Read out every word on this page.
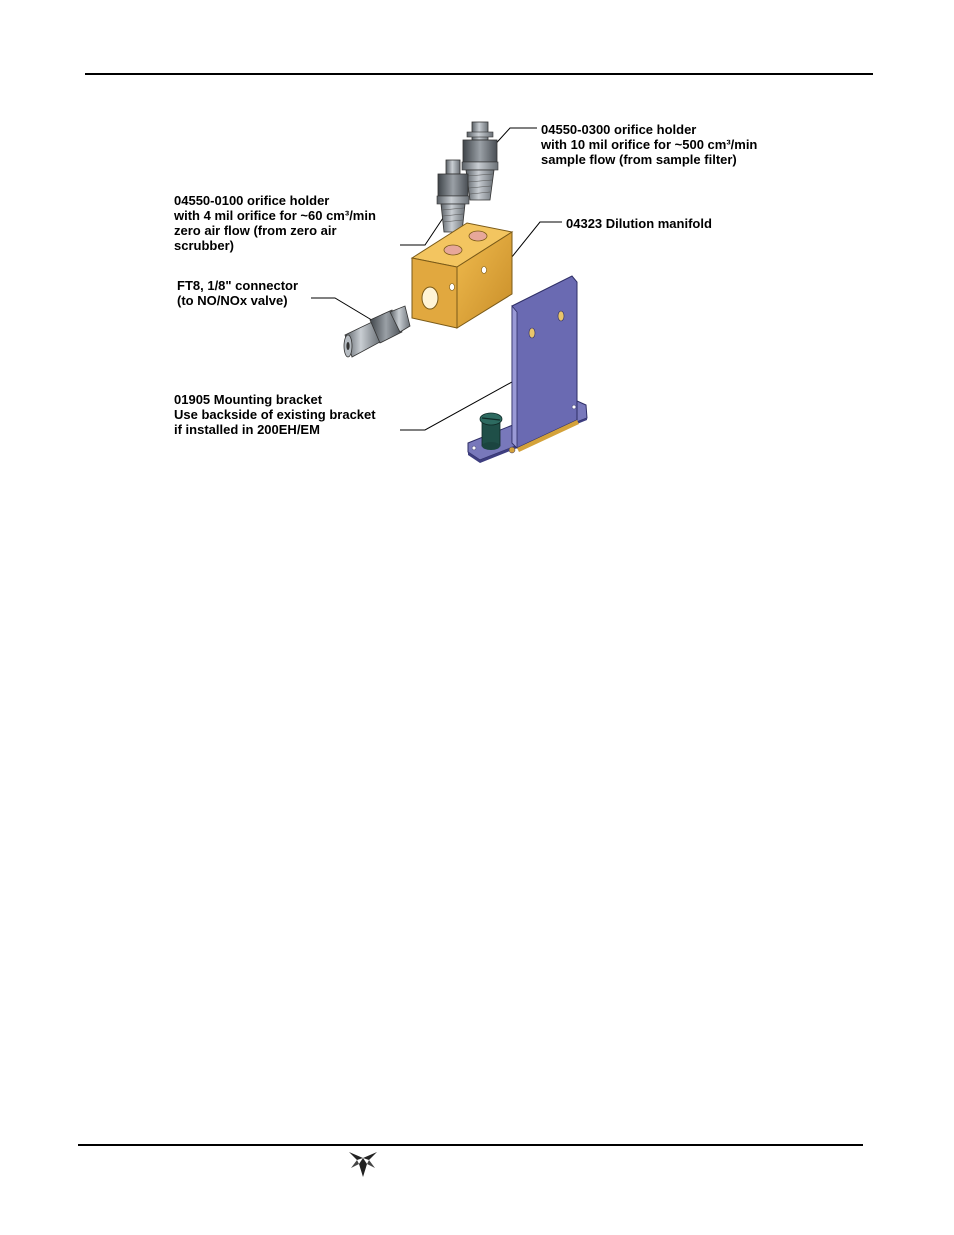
04550-0300 orifice holder
with 10 mil orifice for ~500 cm³/min
sample flow (from sample filter)
04550-0100 orifice holder
with 4 mil orifice for ~60 cm³/min
zero air flow (from zero air
scrubber)
04323 Dilution manifold
FT8, 1/8" connector
(to NO/NOx valve)
01905 Mounting bracket
Use backside of existing bracket
if installed in 200EH/EM
